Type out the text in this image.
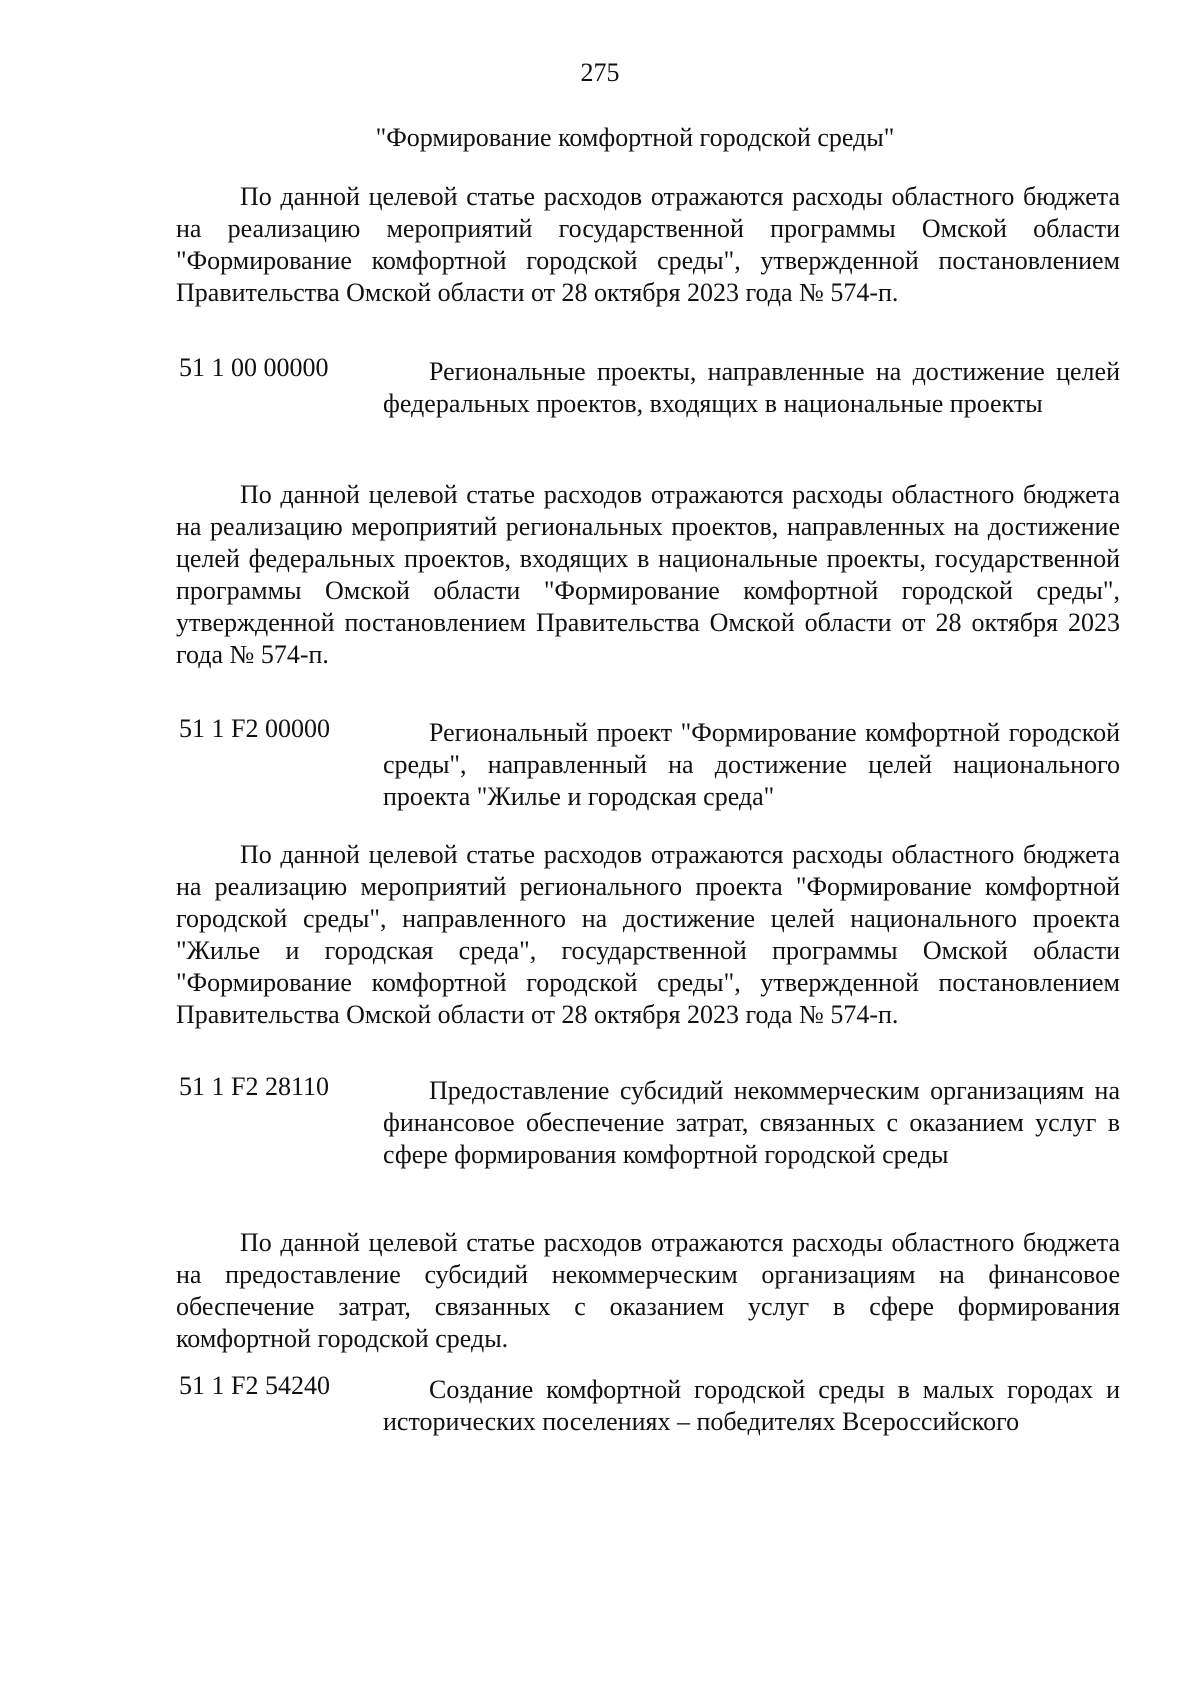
275
"Формирование комфортной городской среды"

По данной целевой статье расходов отражаются расходы областного бюджета на реализацию мероприятий государственной программы Омской области "Формирование комфортной городской среды", утвержденной постановлением Правительства Омской области от 28 октября 2023 года № 574-п.

51 1 00 00000	Региональные проекты, направленные на достижение целей федеральных проектов, входящих в национальные проекты

По данной целевой статье расходов отражаются расходы областного бюджета на реализацию мероприятий региональных проектов, направленных на достижение целей федеральных проектов, входящих в национальные проекты, государственной программы Омской области "Формирование комфортной городской среды", утвержденной постановлением Правительства Омской области от 28 октября 2023 года № 574-п.

51 1 F2 00000	Региональный проект "Формирование комфортной городской среды", направленный на достижение целей национального проекта "Жилье и городская среда"

По данной целевой статье расходов отражаются расходы областного бюджета на реализацию мероприятий регионального проекта "Формирование комфортной городской среды", направленного на достижение целей национального проекта "Жилье и городская среда", государственной программы Омской области "Формирование комфортной городской среды", утвержденной постановлением Правительства Омской области от 28 октября 2023 года № 574-п.

51 1 F2 28110	Предоставление субсидий некоммерческим организациям на финансовое обеспечение затрат, связанных с оказанием услуг в сфере формирования комфортной городской среды

По данной целевой статье расходов отражаются расходы областного бюджета на предоставление субсидий некоммерческим организациям на финансовое обеспечение затрат, связанных с оказанием услуг в сфере формирования комфортной городской среды.

51 1 F2 54240	Создание комфортной городской среды в малых городах и исторических поселениях – победителях Всероссийского
